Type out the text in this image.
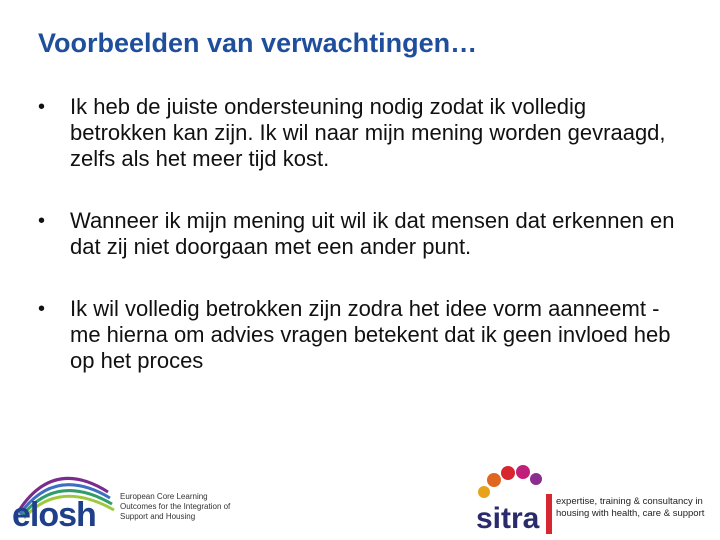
Voorbeelden van verwachtingen…
• Ik heb de juiste ondersteuning nodig zodat ik volledig betrokken kan zijn. Ik wil naar mijn mening worden gevraagd, zelfs als het meer tijd kost.
• Wanneer ik mijn mening uit wil ik dat mensen dat erkennen en dat zij niet doorgaan met een ander punt.
• Ik wil volledig betrokken zijn zodra het idee vorm aanneemt - me hierna om advies vragen betekent dat ik geen invloed heb op het proces
elosh	European Core Learning Outcomes for the Integration of Support and Housing	sitra
expertise, training & consultancy in housing with health, care & support
